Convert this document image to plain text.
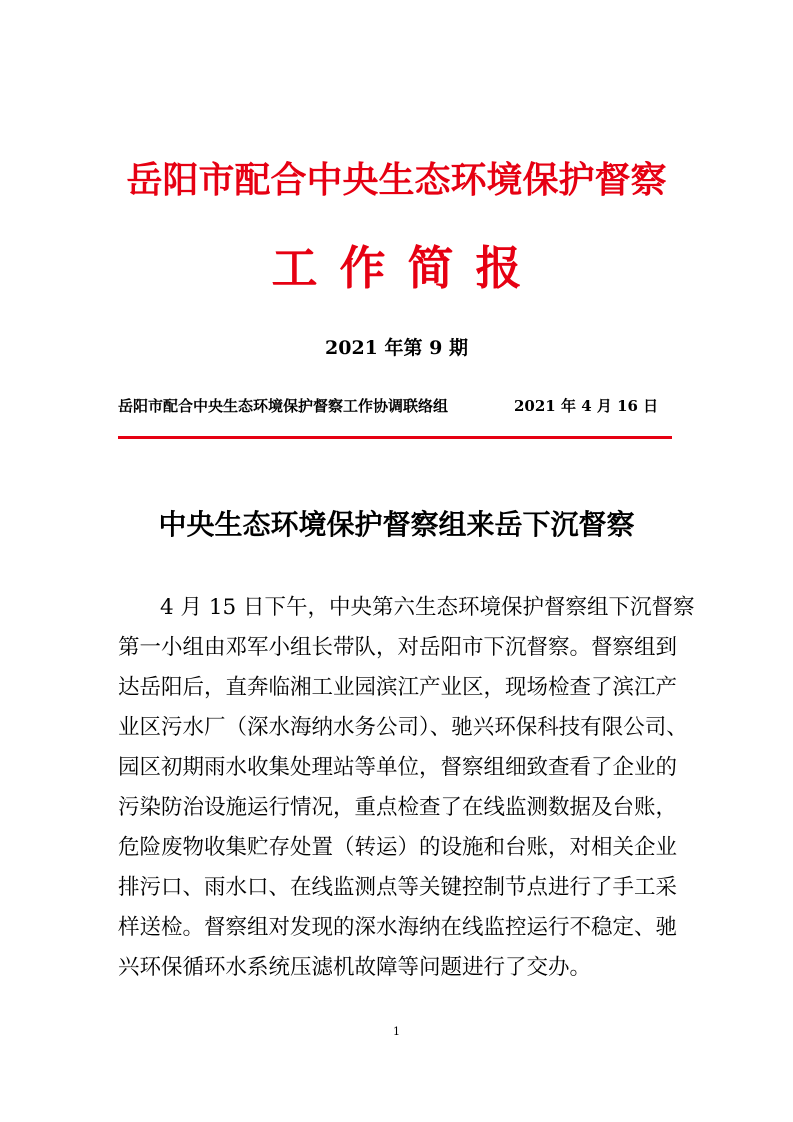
岳阳市配合中央生态环境保护督察
工作简报
2021 年第 9 期
岳阳市配合中央生态环境保护督察工作协调联络组	2021 年 4 月 16 日
中央生态环境保护督察组来岳下沉督察
4 月 15 日下午，中央第六生态环境保护督察组下沉督察
第一小组由邓军小组长带队，对岳阳市下沉督察。督察组到
达岳阳后，直奔临湘工业园滨江产业区，现场检查了滨江产
业区污水厂（深水海纳水务公司）、驰兴环保科技有限公司、
园区初期雨水收集处理站等单位，督察组细致查看了企业的
污染防治设施运行情况，重点检查了在线监测数据及台账，
危险废物收集贮存处置（转运）的设施和台账，对相关企业
排污口、雨水口、在线监测点等关键控制节点进行了手工采
样送检。督察组对发现的深水海纳在线监控运行不稳定、驰
兴环保循环水系统压滤机故障等问题进行了交办。
1
